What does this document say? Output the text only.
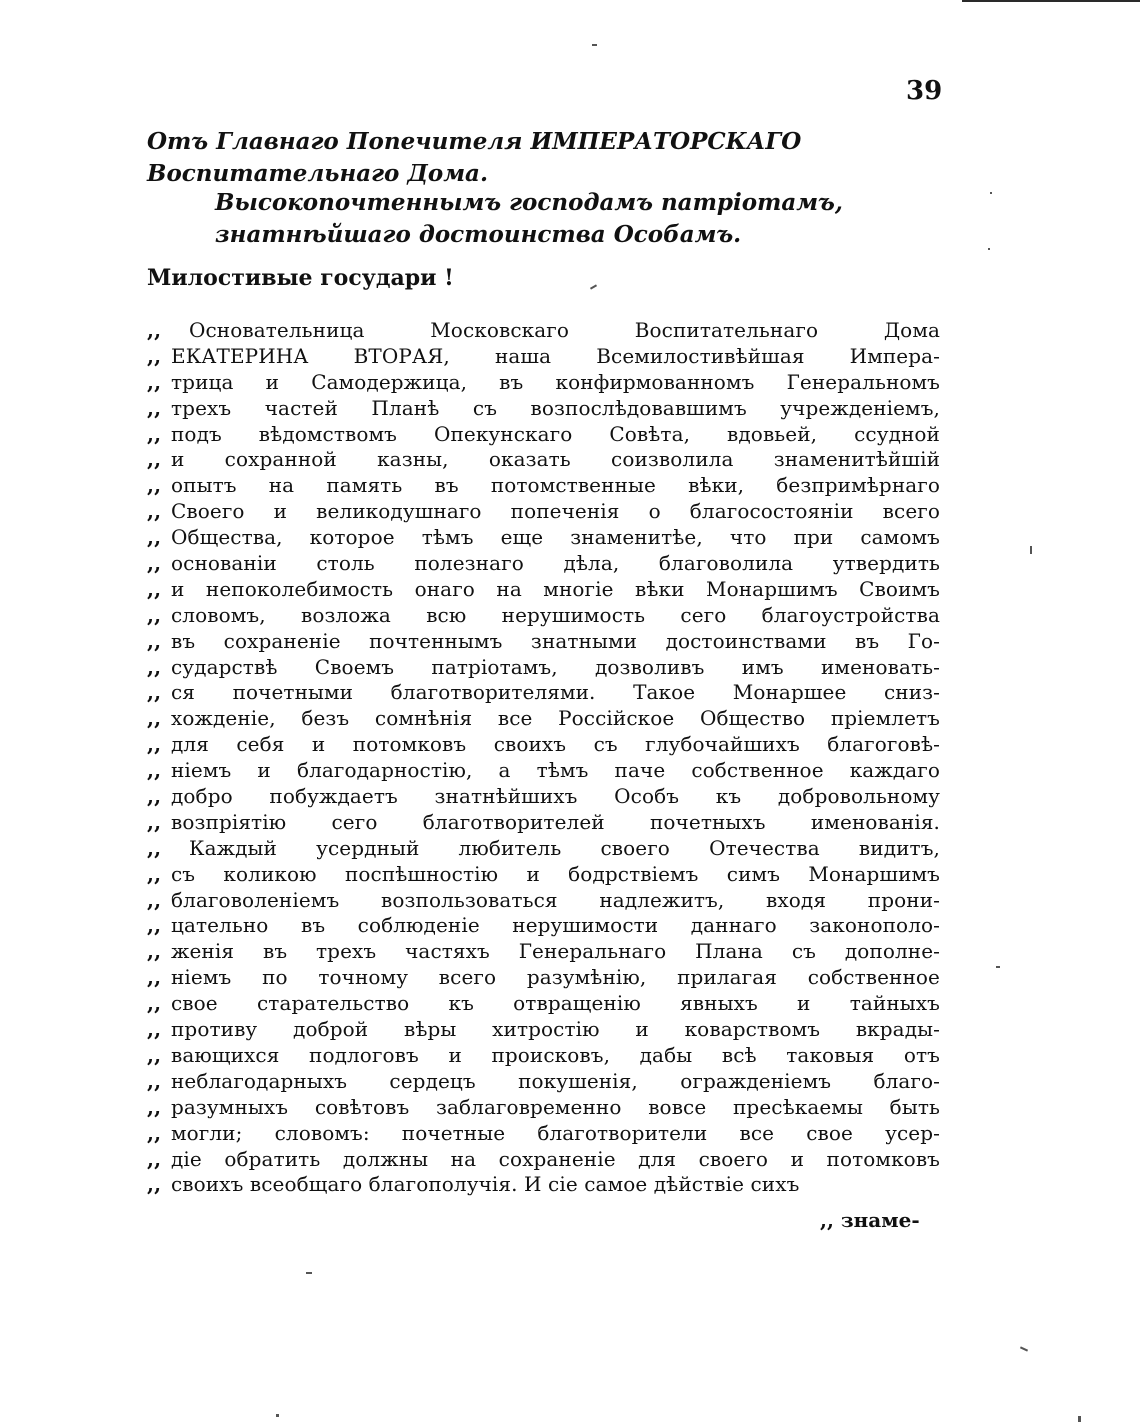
39
Отъ Главнаго Попечителя ИМПЕРАТОРСКАГО Воспитательнаго Дома.
Высокопочтеннымъ господамъ патріотамъ, знатнѣйшаго достоинства Особамъ.
Милостивые государи !
,,	Основательница Московскаго Воспитательнаго Дома
,, ЕКАТЕРИНА ВТОРАЯ, наша Всемилостивѣйшая Импера-
,, трица и Самодержица, въ конфирмованномъ Генеральномъ
,, трехъ частей Планѣ съ возпослѣдовавшимъ учрежденіемъ,
,, подъ вѣдомствомъ Опекунскаго Совѣта, вдовьей, ссудной
,, и сохранной казны, оказать соизволила знаменитѣйшій
,, опытъ на память въ потомственные вѣки, безпримѣрнаго
,, Своего и великодушнаго попеченія о благосостояніи всего
,, Общества, которое тѣмъ еще знаменитѣе, что при самомъ
,, основаніи столь полезнаго дѣла, благоволила утвердить
,, и непоколебимость онаго на многіе вѣки Монаршимъ Своимъ
,, словомъ, возложа всю нерушимость сего благоустройства
,, въ сохраненіе почтеннымъ знатными достоинствами въ Го-
,, сударствѣ Своемъ патріотамъ, дозволивъ имъ именовать-
,, ся почетными благотворителями. Такое Монаршее сниз-
,, хожденіе, безъ сомнѣнія все Россійское Общество пріемлетъ
,, для себя и потомковъ своихъ съ глубочайшихъ благоговѣ-
,, ніемъ и благодарностію, а тѣмъ паче собственное каждаго
,, добро побуждаетъ знатнѣйшихъ Особъ къ добровольному
,, возпріятію сего благотворителей почетныхъ именованія.
,,	Каждый усердный любитель своего Отечества видитъ,
,, съ коликою поспѣшностію и бодрствіемъ симъ Монаршимъ
,, благоволеніемъ возпользоваться надлежитъ, входя прони-
,, цательно въ соблюденіе нерушимости даннаго законополо-
,, женія въ трехъ частяхъ Генеральнаго Плана съ дополне-
,, ніемъ по точному всего разумѣнію, прилагая собственное
,, свое старательство къ отвращенію явныхъ и тайныхъ
,, противу доброй вѣры хитростію и коварствомъ вкрады-
,, вающихся подлоговъ и происковъ, дабы всѣ таковыя отъ
,, неблагодарныхъ сердецъ покушенія, огражденіемъ благо-
,, разумныхъ совѣтовъ заблаговременно вовсе пресѣкаемы быть
,, могли; словомъ: почетные благотворители все свое усер-
,, діе обратить должны на сохраненіе для своего и потомковъ
,, своихъ всеобщаго благополучія. И сіе самое дѣйствіе сихъ
,, знаме-
